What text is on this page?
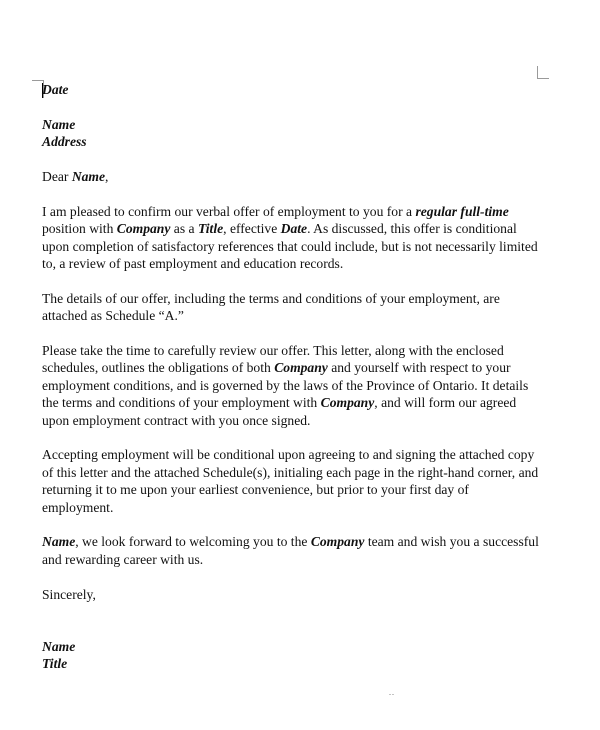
Date

Name
Address

Dear Name,

I am pleased to confirm our verbal offer of employment to you for a regular full-time position with Company as a Title, effective Date. As discussed, this offer is conditional upon completion of satisfactory references that could include, but is not necessarily limited to, a review of past employment and education records.

The details of our offer, including the terms and conditions of your employment, are attached as Schedule “A.”

Please take the time to carefully review our offer. This letter, along with the enclosed schedules, outlines the obligations of both Company and yourself with respect to your employment conditions, and is governed by the laws of the Province of Ontario. It details the terms and conditions of your employment with Company, and will form our agreed upon employment contract with you once signed.

Accepting employment will be conditional upon agreeing to and signing the attached copy of this letter and the attached Schedule(s), initialing each page in the right-hand corner, and returning it to me upon your earliest convenience, but prior to your first day of employment.

Name, we look forward to welcoming you to the Company team and wish you a successful and rewarding career with us.

Sincerely,

Name
Title

..
